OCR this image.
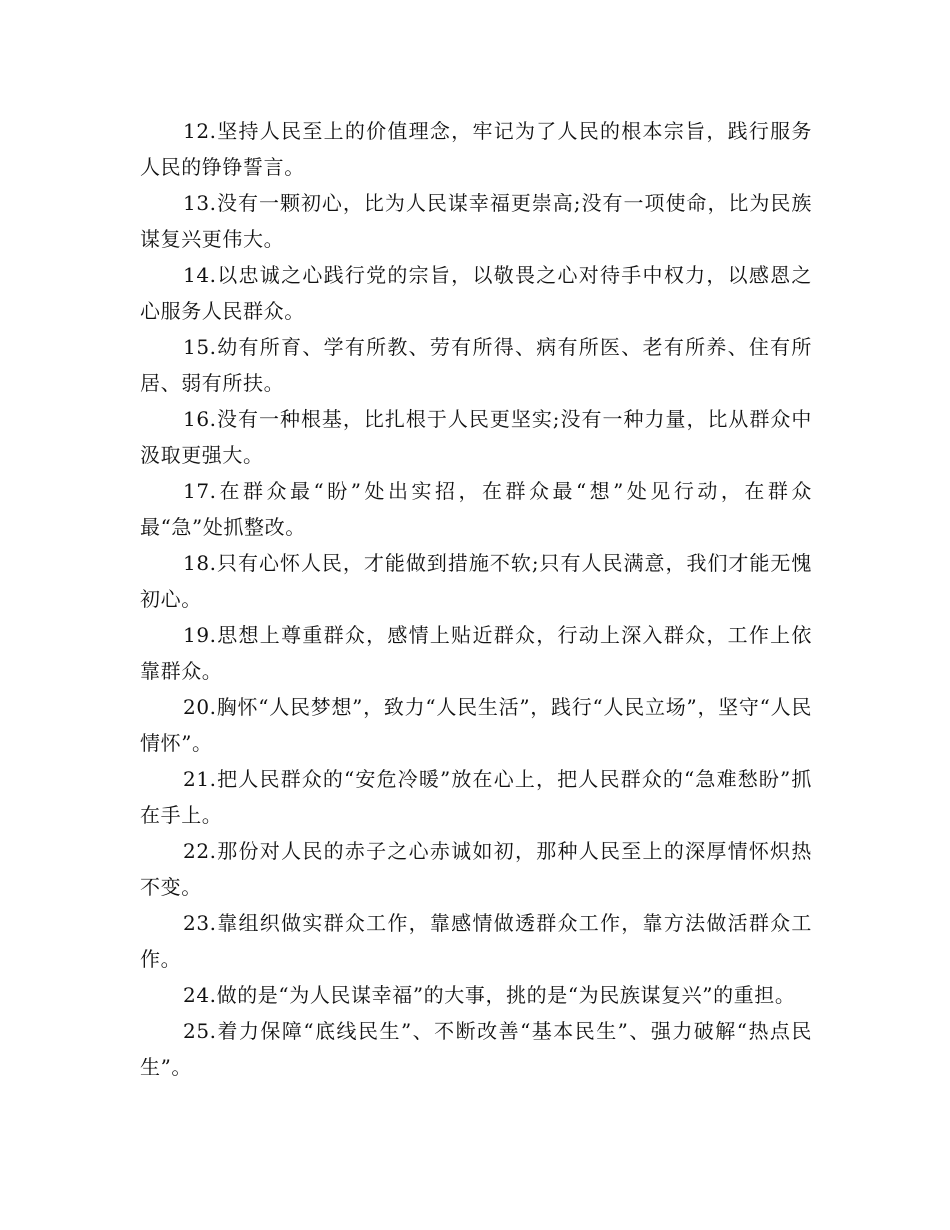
12.坚持人民至上的价值理念，牢记为了人民的根本宗旨，践行服务人民的铮铮誓言。

13.没有一颗初心，比为人民谋幸福更崇高;没有一项使命，比为民族谋复兴更伟大。

14.以忠诚之心践行党的宗旨，以敬畏之心对待手中权力，以感恩之心服务人民群众。

15.幼有所育、学有所教、劳有所得、病有所医、老有所养、住有所居、弱有所扶。

16.没有一种根基，比扎根于人民更坚实;没有一种力量，比从群众中汲取更强大。

17.在群众最“盼”处出实招，在群众最“想”处见行动，在群众最“急”处抓整改。

18.只有心怀人民，才能做到措施不软;只有人民满意，我们才能无愧初心。

19.思想上尊重群众，感情上贴近群众，行动上深入群众，工作上依靠群众。

20.胸怀“人民梦想”，致力“人民生活”，践行“人民立场”，坚守“人民情怀”。

21.把人民群众的“安危冷暖”放在心上，把人民群众的“急难愁盼”抓在手上。

22.那份对人民的赤子之心赤诚如初，那种人民至上的深厚情怀炽热不变。

23.靠组织做实群众工作，靠感情做透群众工作，靠方法做活群众工作。

24.做的是“为人民谋幸福”的大事，挑的是“为民族谋复兴”的重担。

25.着力保障“底线民生”、不断改善“基本民生”、强力破解“热点民生”。
